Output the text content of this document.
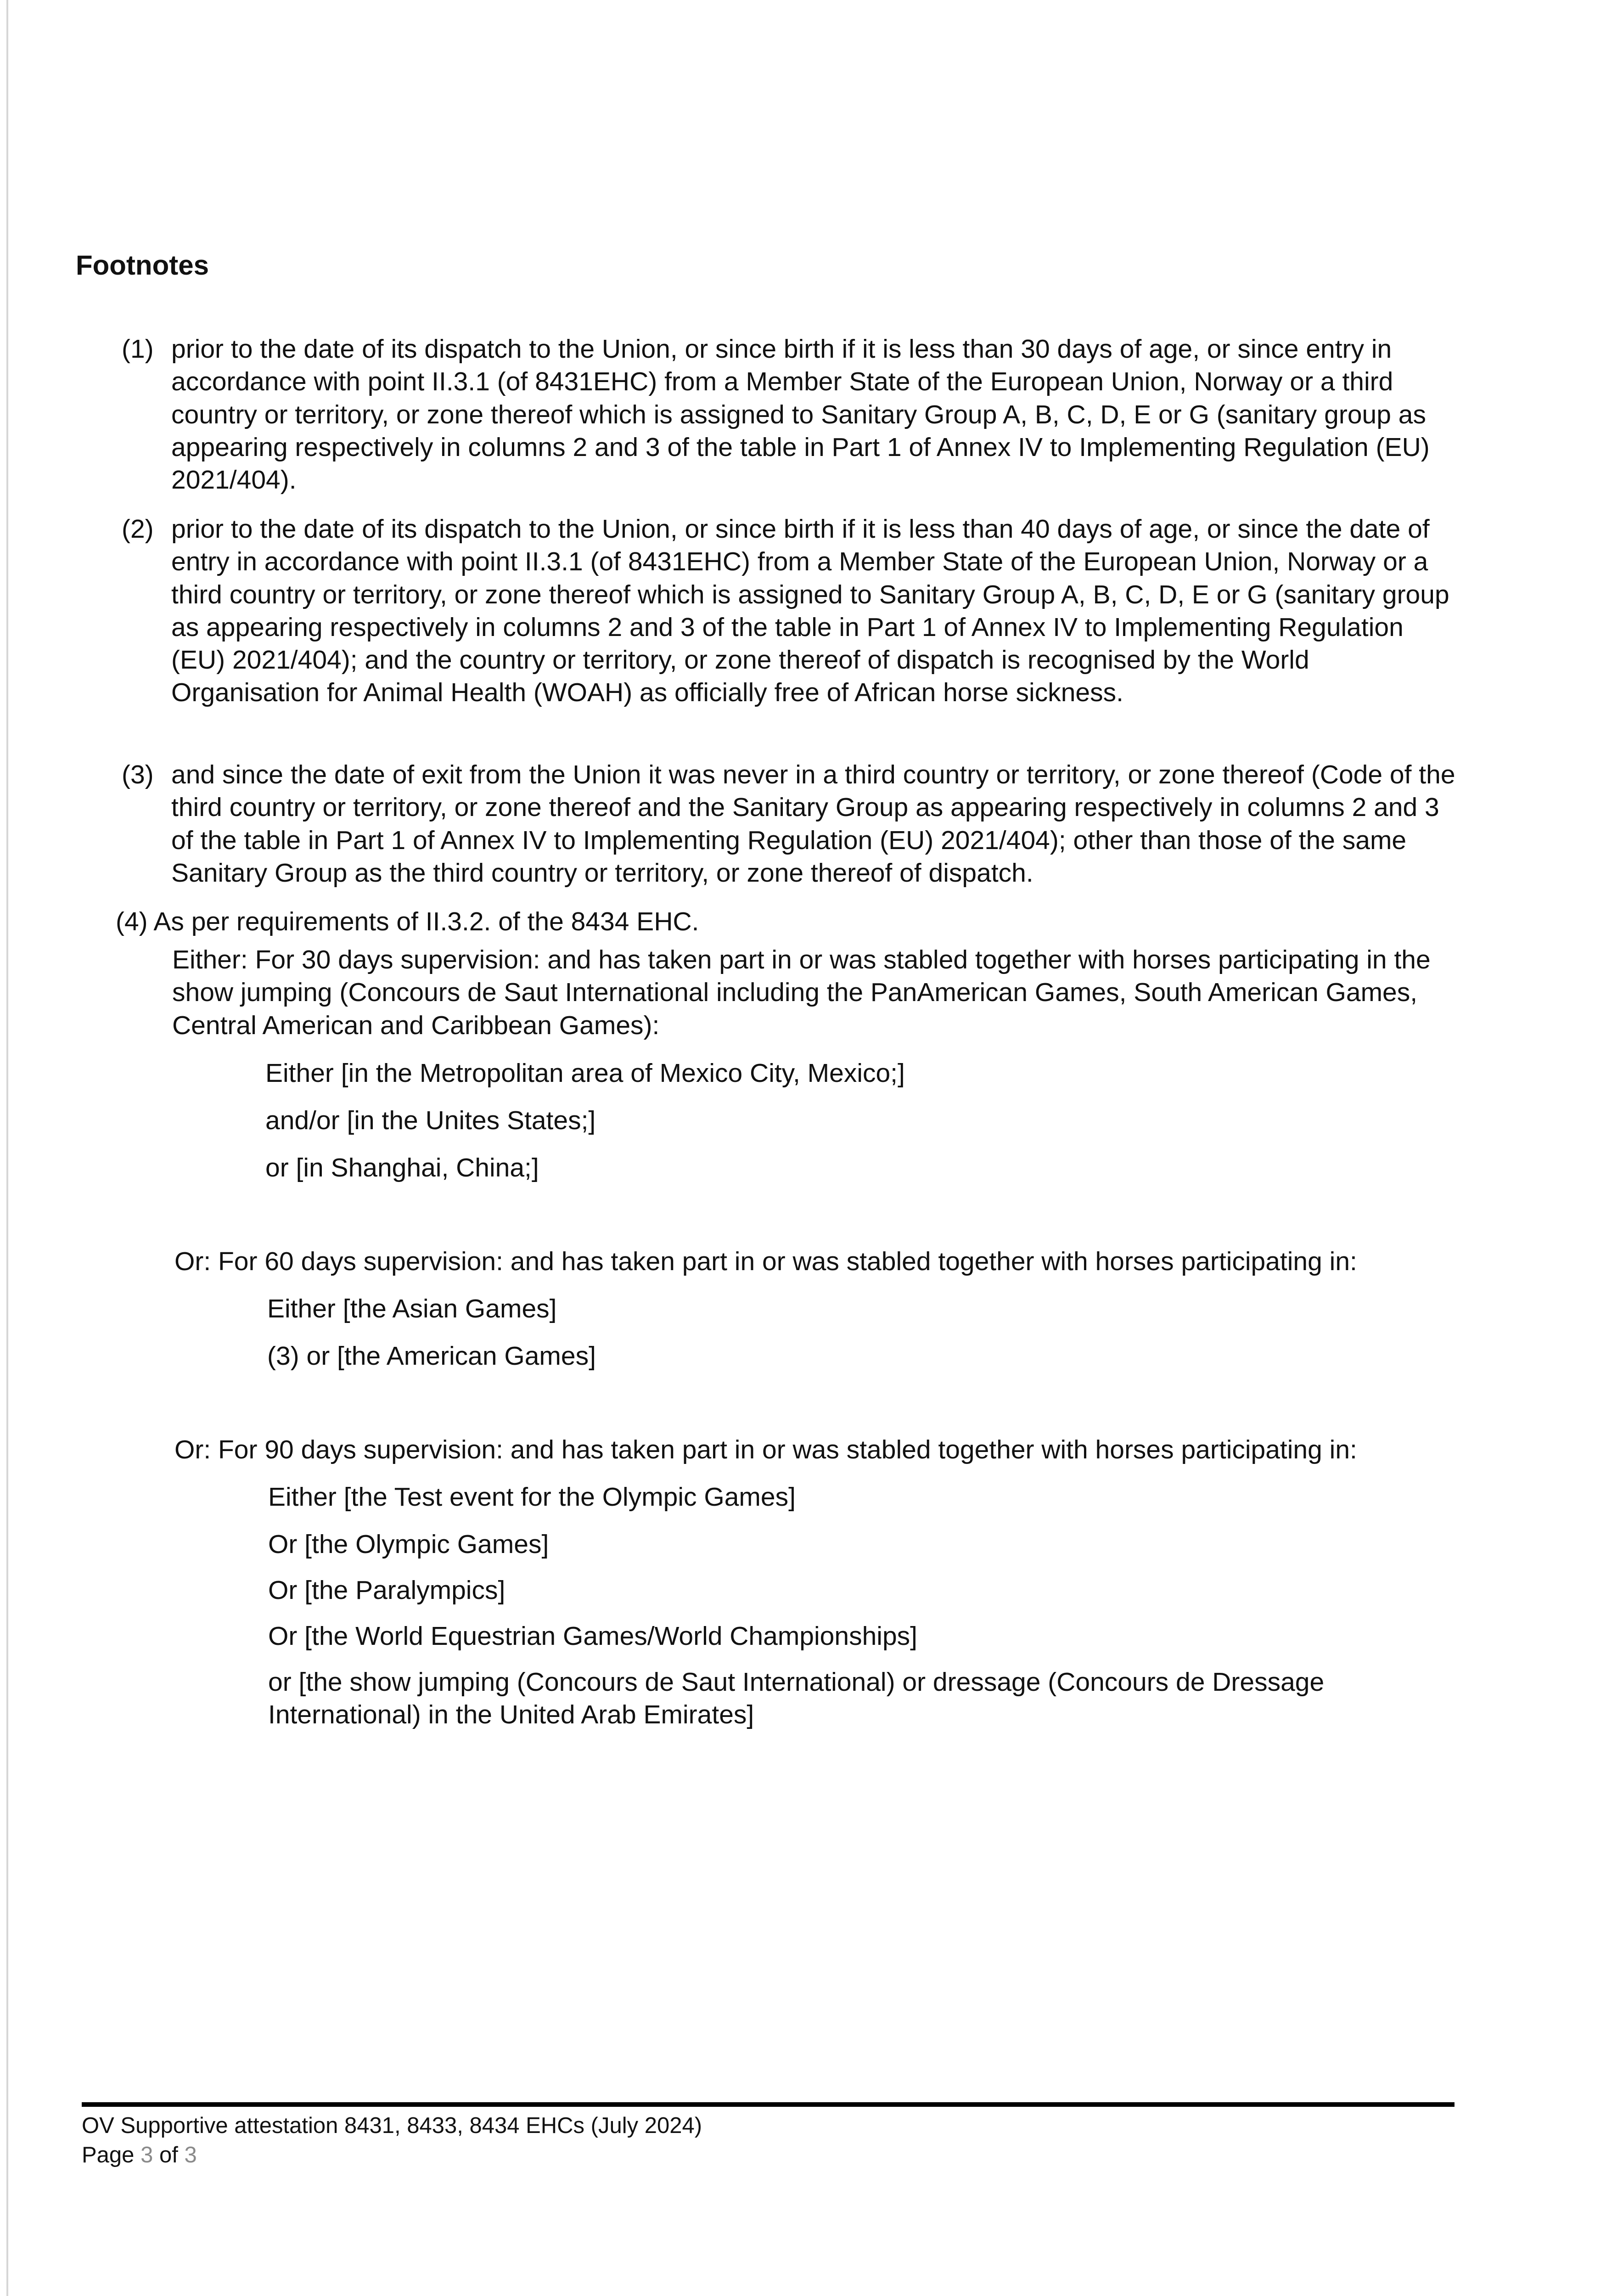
Footnotes
(1) prior to the date of its dispatch to the Union, or since birth if it is less than 30 days of age, or since entry in accordance with point II.3.1 (of 8431EHC) from a Member State of the European Union, Norway or a third country or territory, or zone thereof which is assigned to Sanitary Group A, B, C, D, E or G (sanitary group as appearing respectively in columns 2 and 3 of the table in Part 1 of Annex IV to Implementing Regulation (EU) 2021/404).
(2) prior to the date of its dispatch to the Union, or since birth if it is less than 40 days of age, or since the date of entry in accordance with point II.3.1 (of 8431EHC) from a Member State of the European Union, Norway or a third country or territory, or zone thereof which is assigned to Sanitary Group A, B, C, D, E or G (sanitary group as appearing respectively in columns 2 and 3 of the table in Part 1 of Annex IV to Implementing Regulation (EU) 2021/404); and the country or territory, or zone thereof of dispatch is recognised by the World Organisation for Animal Health (WOAH) as officially free of African horse sickness.
(3) and since the date of exit from the Union it was never in a third country or territory, or zone thereof (Code of the third country or territory, or zone thereof and the Sanitary Group as appearing respectively in columns 2 and 3 of the table in Part 1 of Annex IV to Implementing Regulation (EU) 2021/404); other than those of the same Sanitary Group as the third country or territory, or zone thereof of dispatch.
(4) As per requirements of II.3.2. of the 8434 EHC.
Either: For 30 days supervision: and has taken part in or was stabled together with horses participating in the show jumping (Concours de Saut International including the PanAmerican Games, South American Games, Central American and Caribbean Games):
Either [in the Metropolitan area of Mexico City, Mexico;]
and/or [in the Unites States;]
or [in Shanghai, China;]
Or: For 60 days supervision: and has taken part in or was stabled together with horses participating in:
Either [the Asian Games]
(3) or [the American Games]
Or: For 90 days supervision: and has taken part in or was stabled together with horses participating in:
Either [the Test event for the Olympic Games]
Or [the Olympic Games]
Or [the Paralympics]
Or [the World Equestrian Games/World Championships]
or [the show jumping (Concours de Saut International) or dressage (Concours de Dressage International) in the United Arab Emirates]
OV Supportive attestation 8431, 8433, 8434 EHCs (July 2024)
Page 3 of 3
